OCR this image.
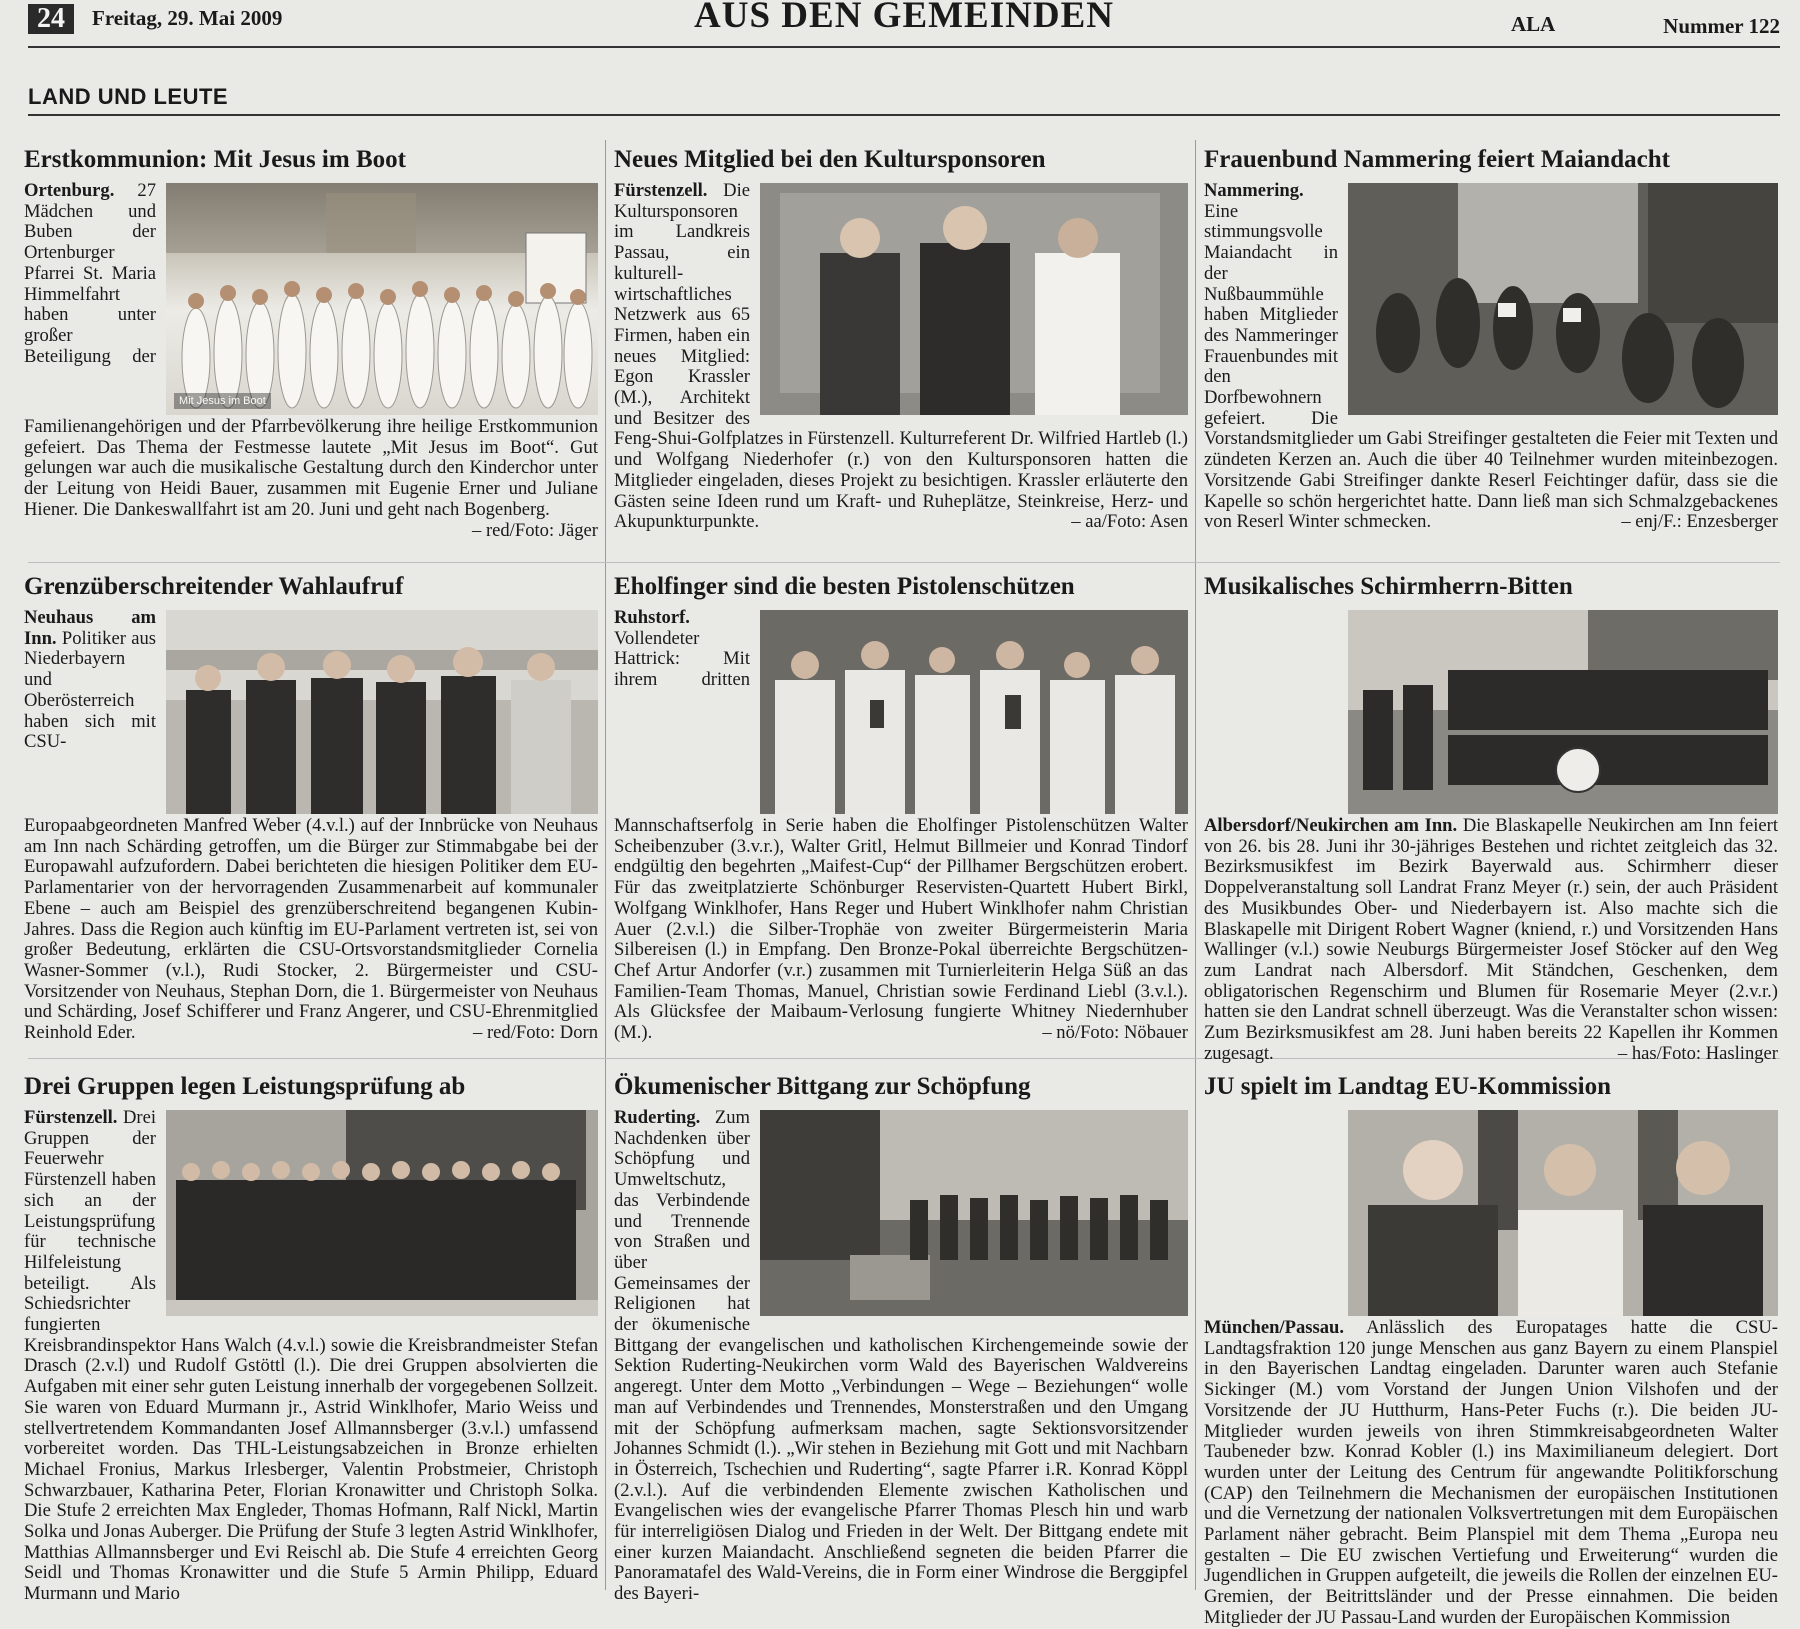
24	Freitag, 29. Mai 2009	AUS DEN GEMEINDEN	ALA	Nummer 122
LAND UND LEUTE
Erstkommunion: Mit Jesus im Boot
Mit Jesus im Boot
Ortenburg. 27 Mädchen und Buben der Ortenburger Pfarrei St. Maria Himmelfahrt haben unter großer Beteiligung der Familienangehörigen und der Pfarrbevölkerung ihre heilige Erstkommunion gefeiert. Das Thema der Festmesse lautete „Mit Jesus im Boot“. Gut gelungen war auch die musikalische Gestaltung durch den Kinderchor unter der Leitung von Heidi Bauer, zusammen mit Eugenie Erner und Juliane Hiener. Die Dankeswallfahrt ist am 20. Juni und geht nach Bogenberg.
– red/Foto: Jäger
Neues Mitglied bei den Kultursponsoren
Fürstenzell. Die Kultursponsoren im Landkreis Passau, ein kulturell-wirtschaftliches Netzwerk aus 65 Firmen, haben ein neues Mitglied: Egon Krassler (M.), Architekt und Besitzer des Feng-Shui-Golfplatzes in Fürstenzell. Kulturreferent Dr. Wilfried Hartleb (l.) und Wolfgang Niederhofer (r.) von den Kultursponsoren hatten die Mitglieder eingeladen, dieses Projekt zu besichtigen. Krassler erläuterte den Gästen seine Ideen rund um Kraft- und Ruheplätze, Steinkreise, Herz- und Akupunkturpunkte.	– aa/Foto: Asen
Frauenbund Nammering feiert Maiandacht
Nammering. Eine stimmungsvolle Maiandacht in der Nußbaummühle haben Mitglieder des Nammeringer Frauenbundes mit den Dorfbewohnern gefeiert. Die Vorstandsmitglieder um Gabi Streifinger gestalteten die Feier mit Texten und zündeten Kerzen an. Auch die über 40 Teilnehmer wurden miteinbezogen. Vorsitzende Gabi Streifinger dankte Reserl Feichtinger dafür, dass sie die Kapelle so schön hergerichtet hatte. Dann ließ man sich Schmalzgebackenes von Reserl Winter schmecken.	– enj/F.: Enzesberger
Grenzüberschreitender Wahlaufruf
Neuhaus am Inn. Politiker aus Niederbayern und Oberösterreich haben sich mit CSU-Europaabgeordneten Manfred Weber (4.v.l.) auf der Innbrücke von Neuhaus am Inn nach Schärding getroffen, um die Bürger zur Stimmabgabe bei der Europawahl aufzufordern. Dabei berichteten die hiesigen Politiker dem EU-Parlamentarier von der hervorragenden Zusammenarbeit auf kommunaler Ebene – auch am Beispiel des grenzüberschreitend begangenen Kubin-Jahres. Dass die Region auch künftig im EU-Parlament vertreten ist, sei von großer Bedeutung, erklärten die CSU-Ortsvorstandsmitglieder Cornelia Wasner-Sommer (v.l.), Rudi Stocker, 2. Bürgermeister und CSU-Vorsitzender von Neuhaus, Stephan Dorn, die 1. Bürgermeister von Neuhaus und Schärding, Josef Schifferer und Franz Angerer, und CSU-Ehrenmitglied Reinhold Eder.	– red/Foto: Dorn
Eholfinger sind die besten Pistolenschützen
Ruhstorf. Vollendeter Hattrick: Mit ihrem dritten Mannschaftserfolg in Serie haben die Eholfinger Pistolenschützen Walter Scheibenzuber (3.v.r.), Walter Gritl, Helmut Billmeier und Konrad Tindorf endgültig den begehrten „Maifest-Cup“ der Pillhamer Bergschützen erobert. Für das zweitplatzierte Schönburger Reservisten-Quartett Hubert Birkl, Wolfgang Winklhofer, Hans Reger und Hubert Winklhofer nahm Christian Auer (2.v.l.) die Silber-Trophäe von zweiter Bürgermeisterin Maria Silbereisen (l.) in Empfang. Den Bronze-Pokal überreichte Bergschützen-Chef Artur Andorfer (v.r.) zusammen mit Turnierleiterin Helga Süß an das Familien-Team Thomas, Manuel, Christian sowie Ferdinand Liebl (3.v.l.). Als Glücksfee der Maibaum-Verlosung fungierte Whitney Niedernhuber (M.).	– nö/Foto: Nöbauer
Musikalisches Schirmherrn-Bitten
Albersdorf/Neukirchen am Inn. Die Blaskapelle Neukirchen am Inn feiert von 26. bis 28. Juni ihr 30-jähriges Bestehen und richtet zeitgleich das 32. Bezirksmusikfest im Bezirk Bayerwald aus. Schirmherr dieser Doppelveranstaltung soll Landrat Franz Meyer (r.) sein, der auch Präsident des Musikbundes Ober- und Niederbayern ist. Also machte sich die Blaskapelle mit Dirigent Robert Wagner (kniend, r.) und Vorsitzenden Hans Wallinger (v.l.) sowie Neuburgs Bürgermeister Josef Stöcker auf den Weg zum Landrat nach Albersdorf. Mit Ständchen, Geschenken, dem obligatorischen Regenschirm und Blumen für Rosemarie Meyer (2.v.r.) hatten sie den Landrat schnell überzeugt. Was die Veranstalter schon wissen: Zum Bezirksmusikfest am 28. Juni haben bereits 22 Kapellen ihr Kommen zugesagt.	– has/Foto: Haslinger
Drei Gruppen legen Leistungsprüfung ab
Fürstenzell. Drei Gruppen der Feuerwehr Fürstenzell haben sich an der Leistungsprüfung für technische Hilfeleistung beteiligt. Als Schiedsrichter fungierten Kreisbrandinspektor Hans Walch (4.v.l.) sowie die Kreisbrandmeister Stefan Drasch (2.v.l) und Rudolf Gstöttl (l.). Die drei Gruppen absolvierten die Aufgaben mit einer sehr guten Leistung innerhalb der vorgegebenen Sollzeit. Sie waren von Eduard Murmann jr., Astrid Winklhofer, Mario Weiss und stellvertretendem Kommandanten Josef Allmannsberger (3.v.l.) umfassend vorbereitet worden. Das THL-Leistungsabzeichen in Bronze erhielten Michael Fronius, Markus Irlesberger, Valentin Probstmeier, Christoph Schwarzbauer, Katharina Peter, Florian Kronawitter und Christoph Solka. Die Stufe 2 erreichten Max Engleder, Thomas Hofmann, Ralf Nickl, Martin Solka und Jonas Auberger. Die Prüfung der Stufe 3 legten Astrid Winklhofer, Matthias Allmannsberger und Evi Reischl ab. Die Stufe 4 erreichten Georg Seidl und Thomas Kronawitter und die Stufe 5 Armin Philipp, Eduard Murmann und Mario
Ökumenischer Bittgang zur Schöpfung
Ruderting. Zum Nachdenken über Schöpfung und Umweltschutz, das Verbindende und Trennende von Straßen und über Gemeinsames der Religionen hat der ökumenische Bittgang der evangelischen und katholischen Kirchengemeinde sowie der Sektion Ruderting-Neukirchen vorm Wald des Bayerischen Waldvereins angeregt. Unter dem Motto „Verbindungen – Wege – Beziehungen“ wolle man auf Verbindendes und Trennendes, Monsterstraßen und den Umgang mit der Schöpfung aufmerksam machen, sagte Sektionsvorsitzender Johannes Schmidt (l.). „Wir stehen in Beziehung mit Gott und mit Nachbarn in Österreich, Tschechien und Ruderting“, sagte Pfarrer i.R. Konrad Köppl (2.v.l.). Auf die verbindenden Elemente zwischen Katholischen und Evangelischen wies der evangelische Pfarrer Thomas Plesch hin und warb für interreligiösen Dialog und Frieden in der Welt. Der Bittgang endete mit einer kurzen Maiandacht. Anschließend segneten die beiden Pfarrer die Panoramatafel des Wald-Vereins, die in Form einer Windrose die Berggipfel des Bayeri-
JU spielt im Landtag EU-Kommission
München/Passau. Anlässlich des Europatages hatte die CSU-Landtagsfraktion 120 junge Menschen aus ganz Bayern zu einem Planspiel in den Bayerischen Landtag eingeladen. Darunter waren auch Stefanie Sickinger (M.) vom Vorstand der Jungen Union Vilshofen und der Vorsitzende der JU Hutthurm, Hans-Peter Fuchs (r.). Die beiden JU-Mitglieder wurden jeweils von ihren Stimmkreisabgeordneten Walter Taubeneder bzw. Konrad Kobler (l.) ins Maximilianeum delegiert. Dort wurden unter der Leitung des Centrum für angewandte Politikforschung (CAP) den Teilnehmern die Mechanismen der europäischen Institutionen und die Vernetzung der nationalen Volksvertretungen mit dem Europäischen Parlament näher gebracht. Beim Planspiel mit dem Thema „Europa neu gestalten – Die EU zwischen Vertiefung und Erweiterung“ wurden die Jugendlichen in Gruppen aufgeteilt, die jeweils die Rollen der einzelnen EU-Gremien, der Beitrittsländer und der Presse einnahmen. Die beiden Mitglieder der JU Passau-Land wurden der Europäischen Kommission
